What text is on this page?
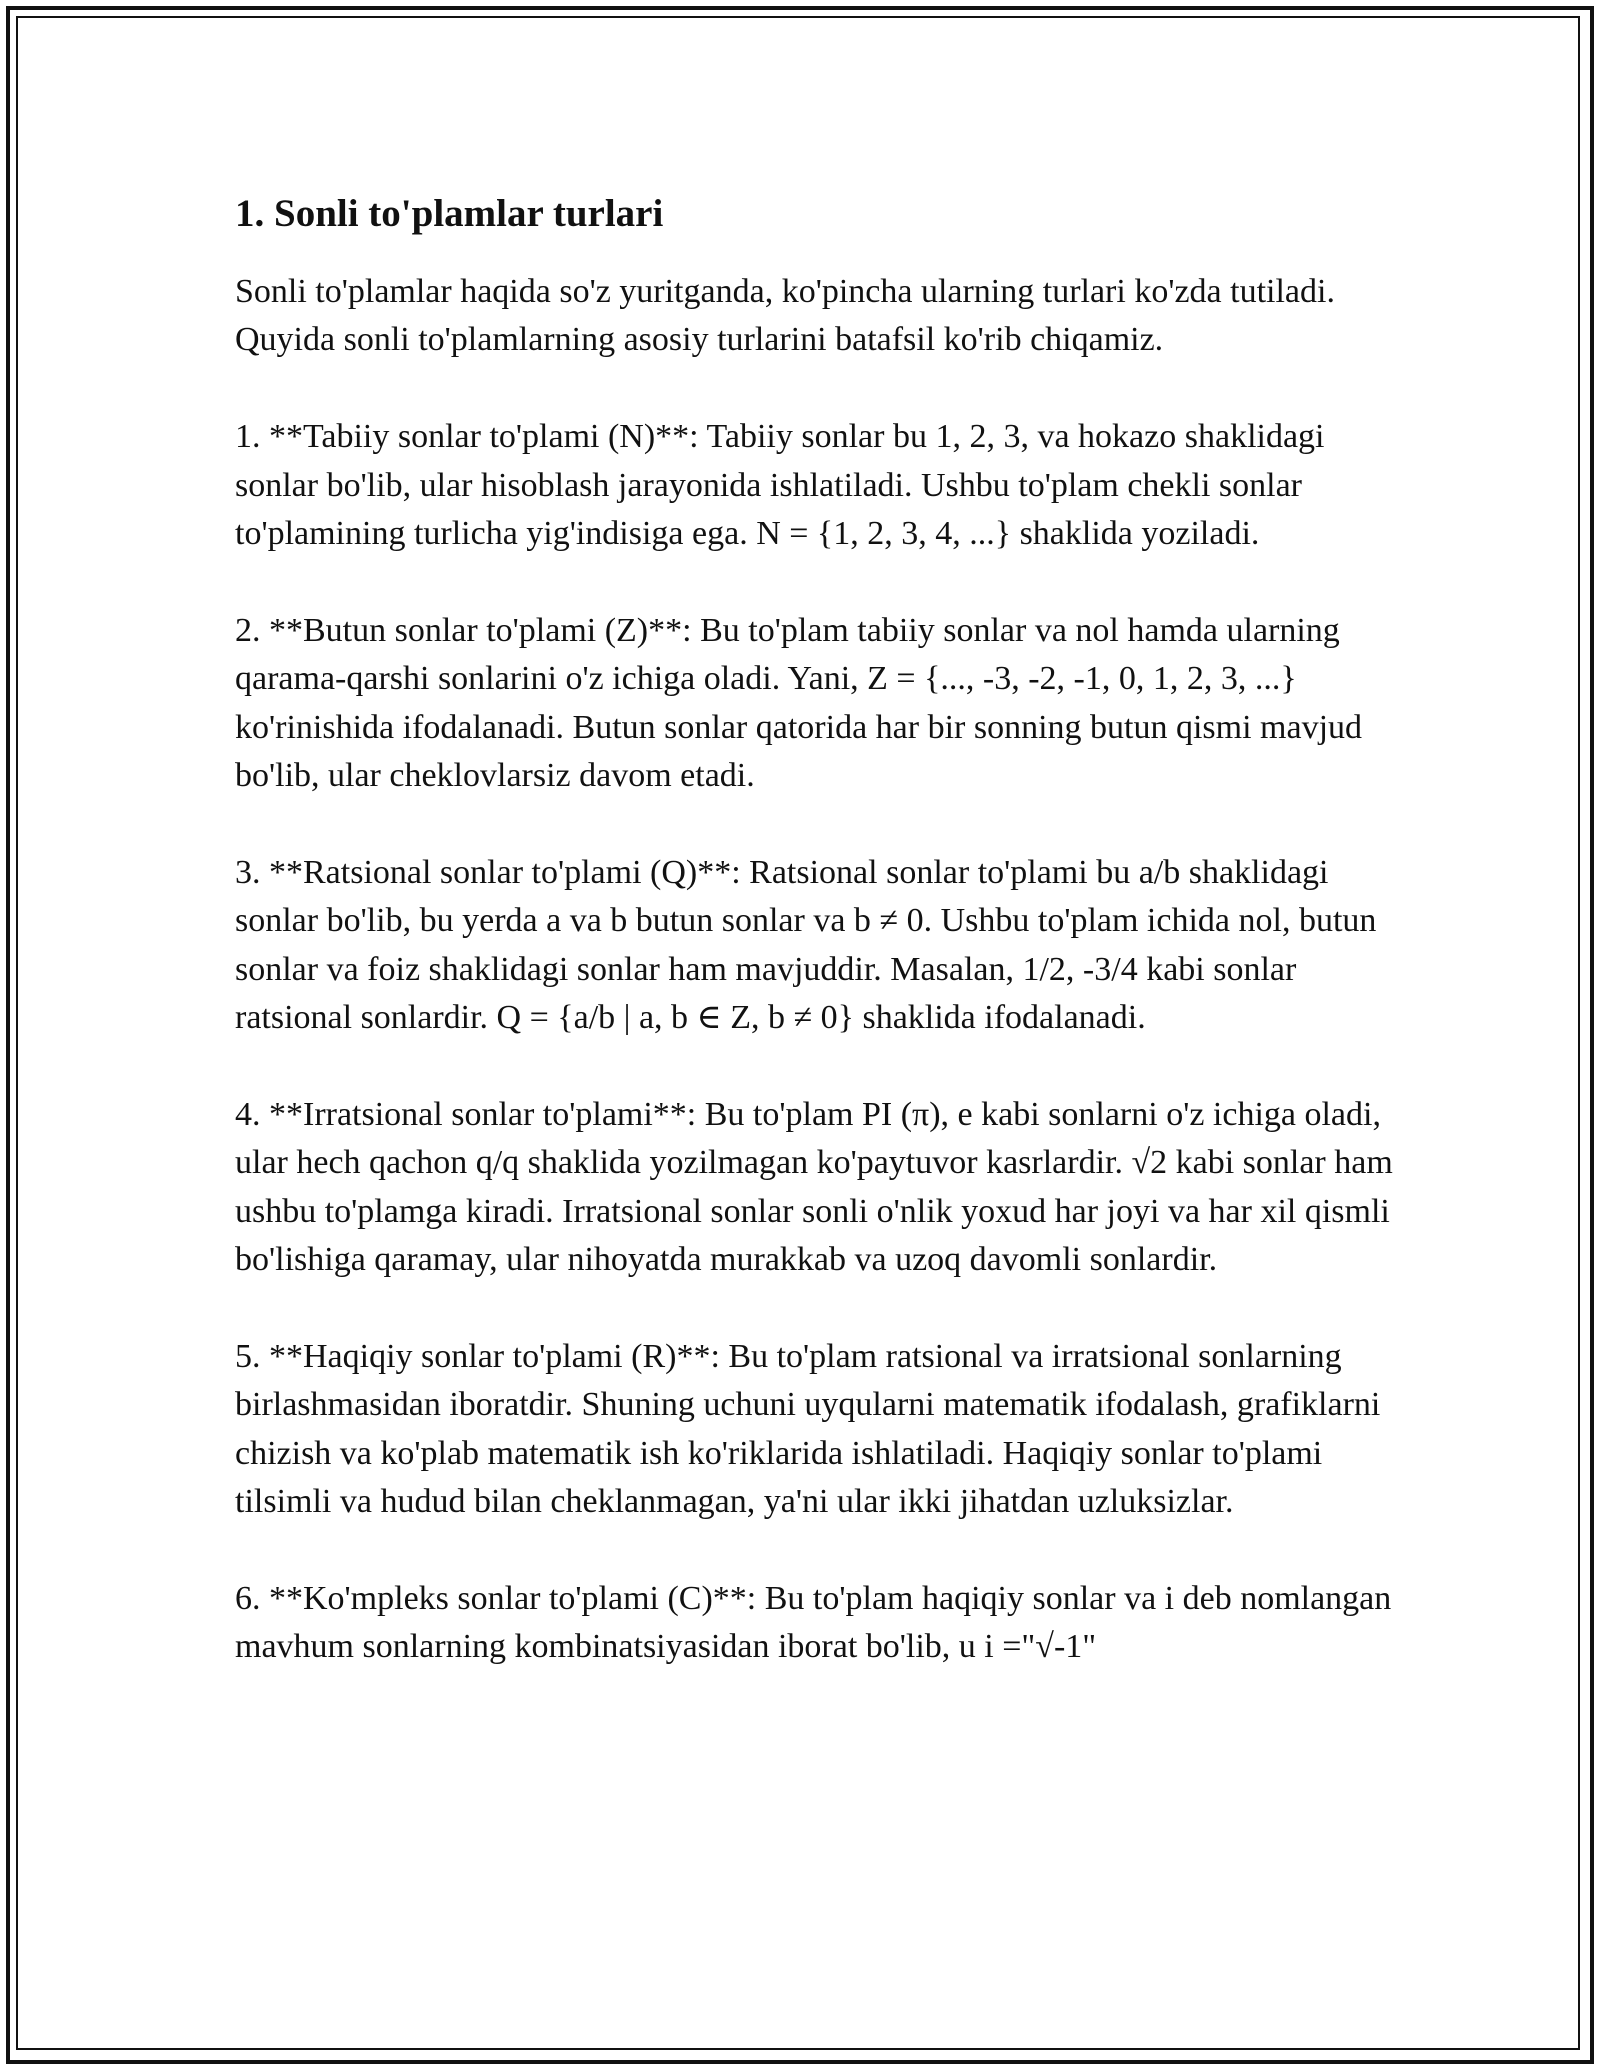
1. Sonli to'plamlar turlari

Sonli to'plamlar haqida so'z yuritganda, ko'pincha ularning turlari ko'zda tutiladi. Quyida sonli to'plamlarning asosiy turlarini batafsil ko'rib chiqamiz.

1. **Tabiiy sonlar to'plami (N)**: Tabiiy sonlar bu 1, 2, 3, va hokazo shaklidagi sonlar bo'lib, ular hisoblash jarayonida ishlatiladi. Ushbu to'plam chekli sonlar to'plamining turlicha yig'indisiga ega. N = {1, 2, 3, 4, ...} shaklida yoziladi.

2. **Butun sonlar to'plami (Z)**: Bu to'plam tabiiy sonlar va nol hamda ularning qarama-qarshi sonlarini o'z ichiga oladi. Yani, Z = {..., -3, -2, -1, 0, 1, 2, 3, ...} ko'rinishida ifodalanadi. Butun sonlar qatorida har bir sonning butun qismi mavjud bo'lib, ular cheklovlarsiz davom etadi.

3. **Ratsional sonlar to'plami (Q)**: Ratsional sonlar to'plami bu a/b shaklidagi sonlar bo'lib, bu yerda a va b butun sonlar va b ≠ 0. Ushbu to'plam ichida nol, butun sonlar va foiz shaklidagi sonlar ham mavjuddir. Masalan, 1/2, -3/4 kabi sonlar ratsional sonlardir. Q = {a/b | a, b ∈ Z, b ≠ 0} shaklida ifodalanadi.

4. **Irratsional sonlar to'plami**: Bu to'plam PI (π), e kabi sonlarni o'z ichiga oladi, ular hech qachon q/q shaklida yozilmagan ko'paytuvor kasrlardir. √2 kabi sonlar ham ushbu to'plamga kiradi. Irratsional sonlar sonli o'nlik yoxud har joyi va har xil qismli bo'lishiga qaramay, ular nihoyatda murakkab va uzoq davomli sonlardir.

5. **Haqiqiy sonlar to'plami (R)**: Bu to'plam ratsional va irratsional sonlarning birlashmasidan iboratdir. Shuning uchuni uyqularni matematik ifodalash, grafiklarni chizish va ko'plab matematik ish ko'riklarida ishlatiladi. Haqiqiy sonlar to'plami tilsimli va hudud bilan cheklanmagan, ya'ni ular ikki jihatdan uzluksizlar.

6. **Ko'mpleks sonlar to'plami (C)**: Bu to'plam haqiqiy sonlar va i deb nomlangan mavhum sonlarning kombinatsiyasidan iborat bo'lib, u i ="√-1"
